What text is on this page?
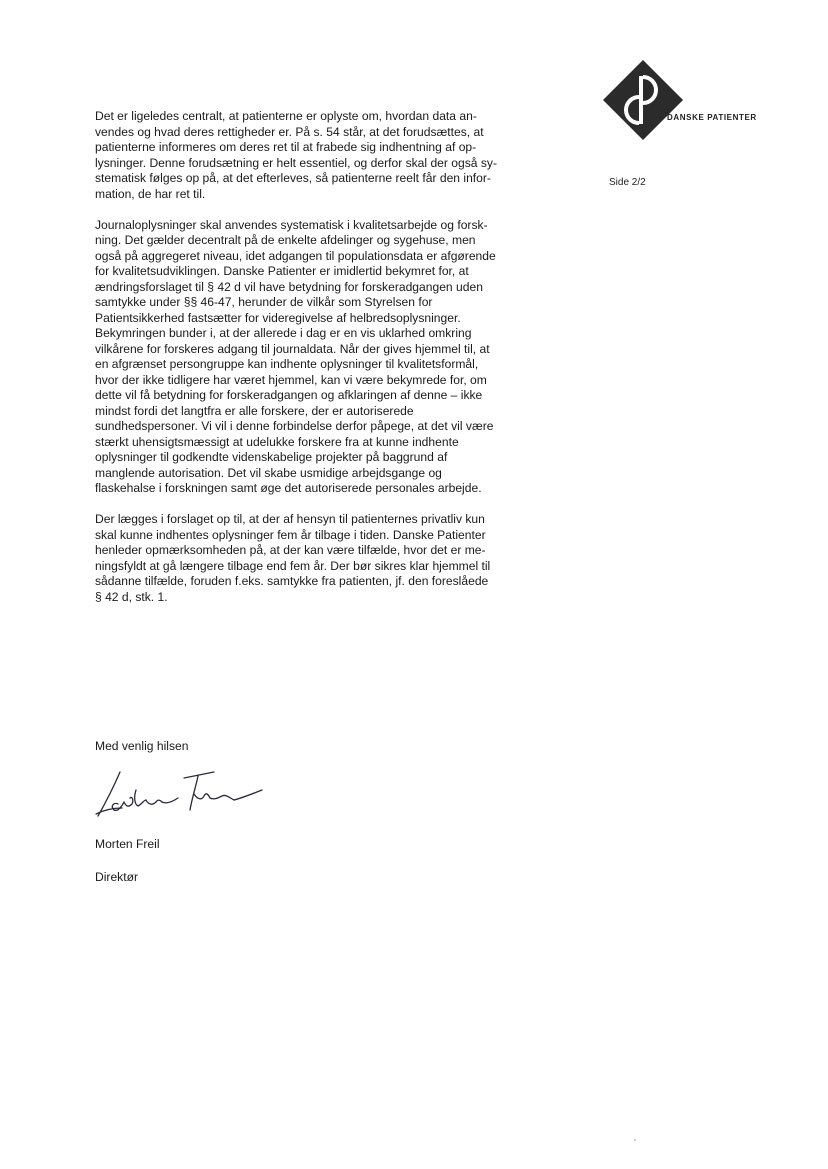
DANSKE PATIENTER
Side 2/2

Det er ligeledes centralt, at patienterne er oplyste om, hvordan data an-
vendes og hvad deres rettigheder er. På s. 54 står, at det forudsættes, at
patienterne informeres om deres ret til at frabede sig indhentning af op-
lysninger. Denne forudsætning er helt essentiel, og derfor skal der også sy-
stematisk følges op på, at det efterleves, så patienterne reelt får den infor-
mation, de har ret til.

Journaloplysninger skal anvendes systematisk i kvalitetsarbejde og forsk-
ning. Det gælder decentralt på de enkelte afdelinger og sygehuse, men
også på aggregeret niveau, idet adgangen til populationsdata er afgørende
for kvalitetsudviklingen. Danske Patienter er imidlertid bekymret for, at
ændringsforslaget til § 42 d vil have betydning for forskeradgangen uden
samtykke under §§ 46-47, herunder de vilkår som Styrelsen for
Patientsikkerhed fastsætter for videregivelse af helbredsoplysninger.
Bekymringen bunder i, at der allerede i dag er en vis uklarhed omkring
vilkårene for forskeres adgang til journaldata. Når der gives hjemmel til, at
en afgrænset persongruppe kan indhente oplysninger til kvalitetsformål,
hvor der ikke tidligere har været hjemmel, kan vi være bekymrede for, om
dette vil få betydning for forskeradgangen og afklaringen af denne – ikke
mindst fordi det langtfra er alle forskere, der er autoriserede
sundhedspersoner. Vi vil i denne forbindelse derfor påpege, at det vil være
stærkt uhensigtsmæssigt at udelukke forskere fra at kunne indhente
oplysninger til godkendte videnskabelige projekter på baggrund af
manglende autorisation. Det vil skabe usmidige arbejdsgange og
flaskehalse i forskningen samt øge det autoriserede personales arbejde.

Der lægges i forslaget op til, at der af hensyn til patienternes privatliv kun
skal kunne indhentes oplysninger fem år tilbage i tiden. Danske Patienter
henleder opmærksomheden på, at der kan være tilfælde, hvor det er me-
ningsfyldt at gå længere tilbage end fem år. Der bør sikres klar hjemmel til
sådanne tilfælde, foruden f.eks. samtykke fra patienten, jf. den foreslåede
§ 42 d, stk. 1.

Med venlig hilsen
Morten Freil
Direktør
